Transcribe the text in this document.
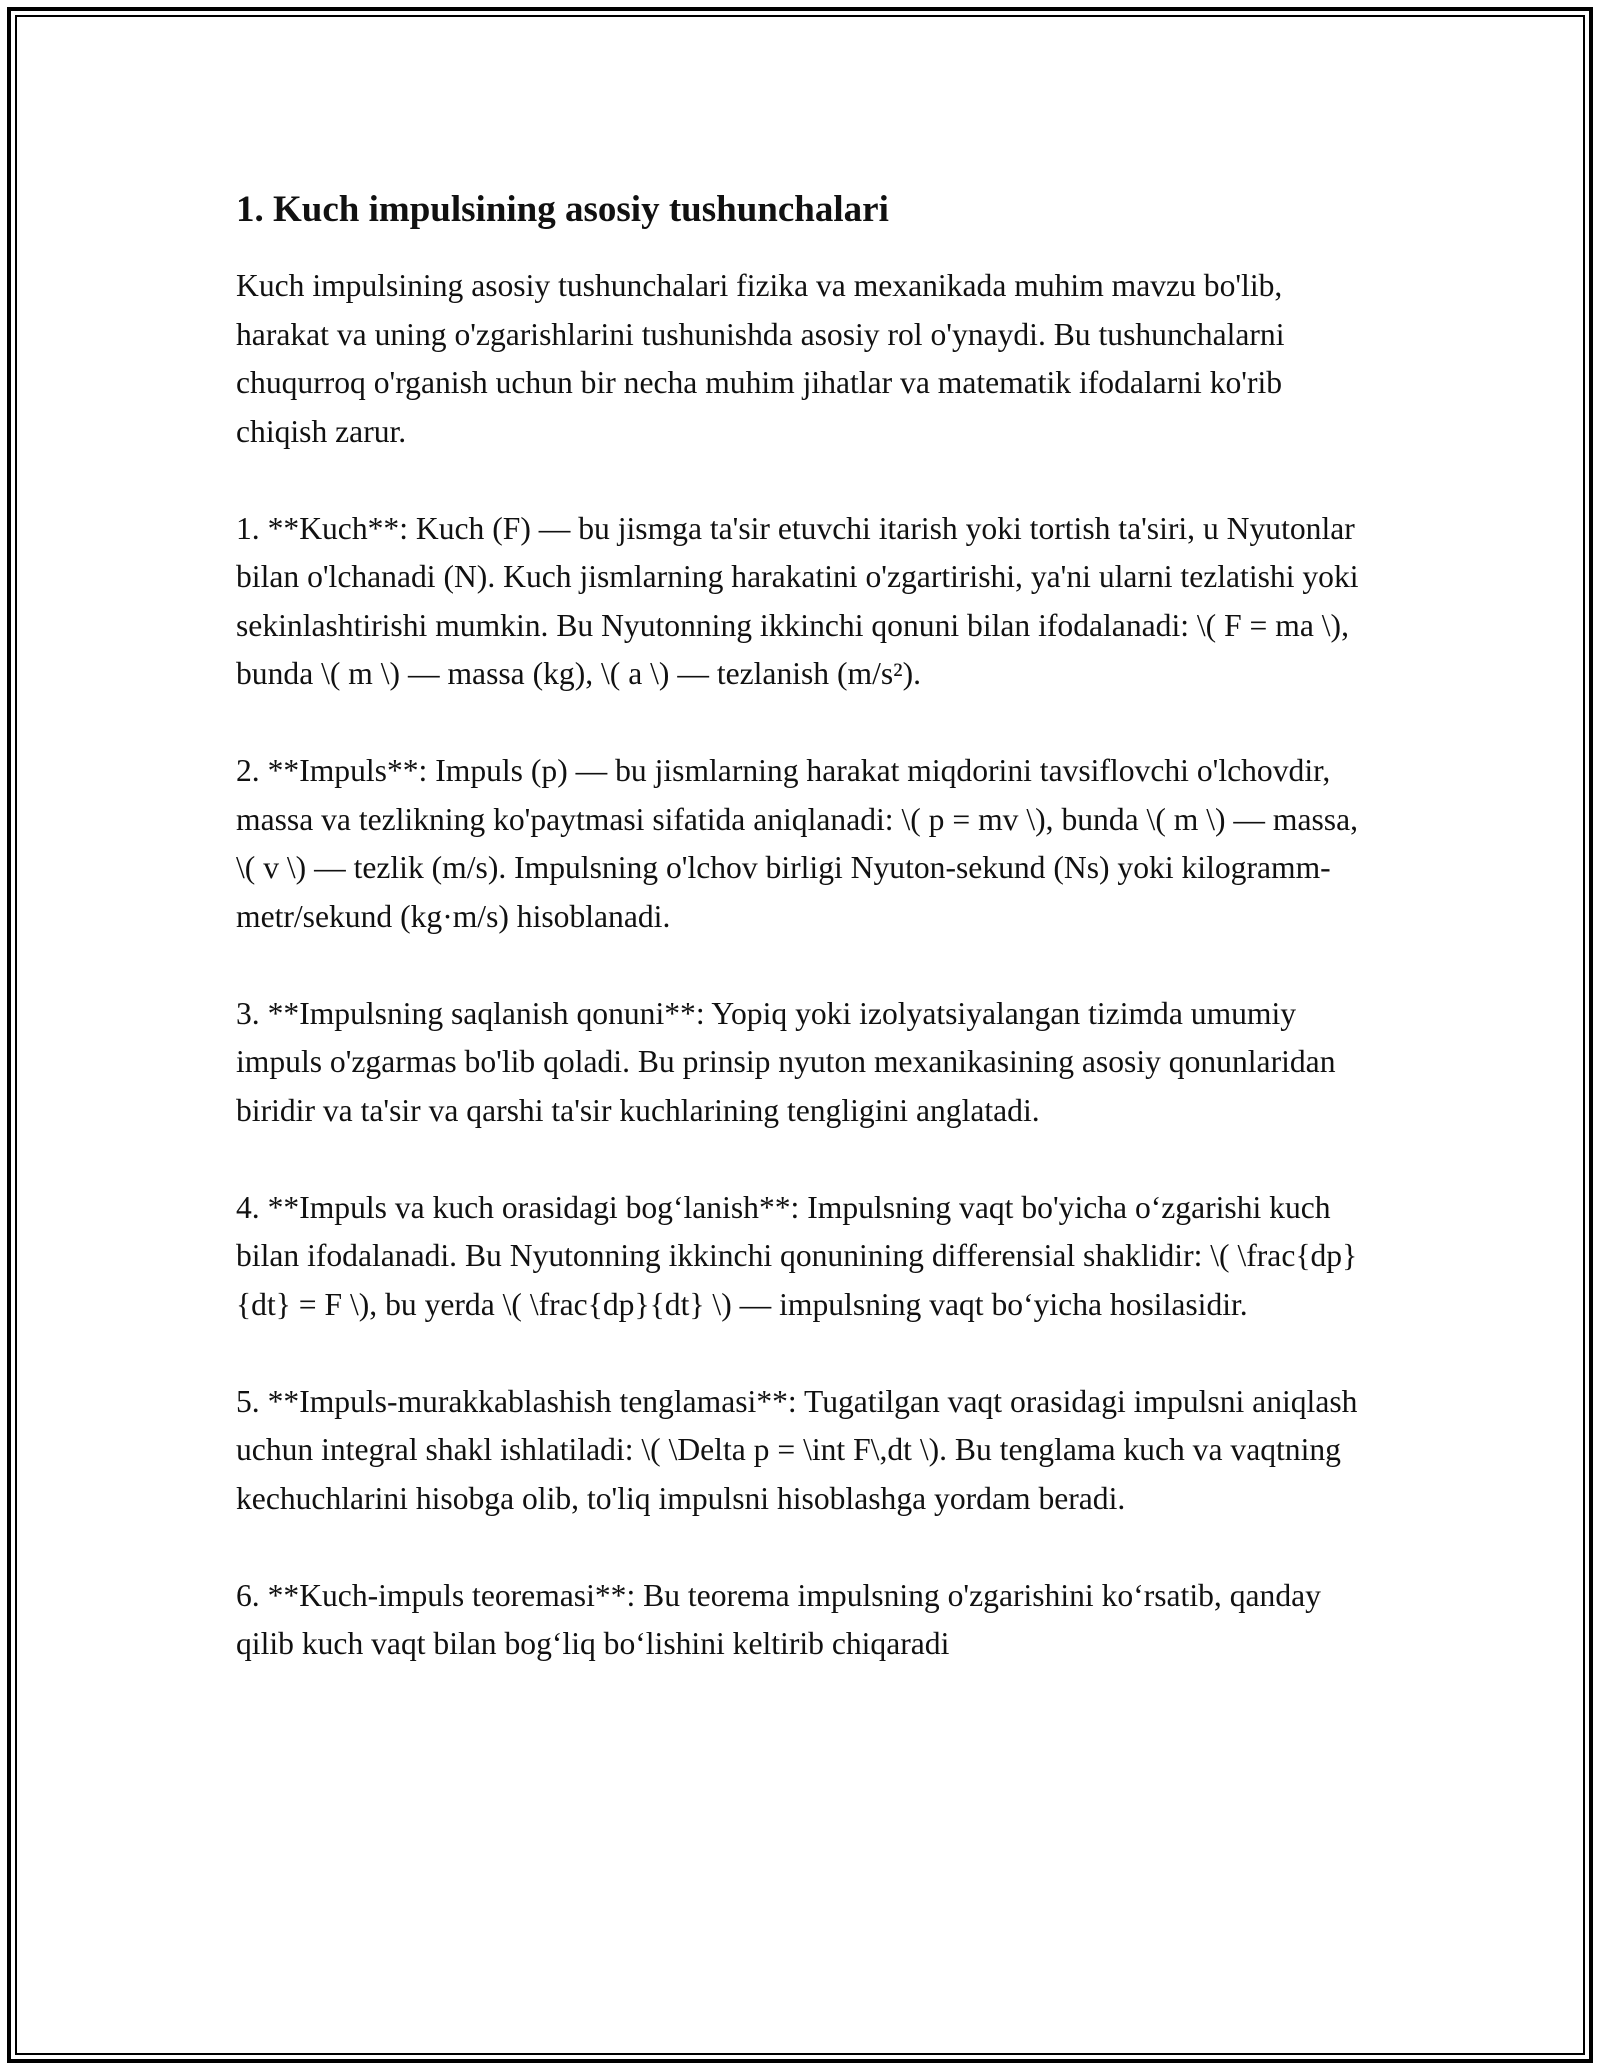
1. Kuch impulsining asosiy tushunchalari

Kuch impulsining asosiy tushunchalari fizika va mexanikada muhim mavzu bo'lib, harakat va uning o'zgarishlarini tushunishda asosiy rol o'ynaydi. Bu tushunchalarni chuqurroq o'rganish uchun bir necha muhim jihatlar va matematik ifodalarni ko'rib chiqish zarur.

1. **Kuch**: Kuch (F) — bu jismga ta'sir etuvchi itarish yoki tortish ta'siri, u Nyutonlar bilan o'lchanadi (N). Kuch jismlarning harakatini o'zgartirishi, ya'ni ularni tezlatishi yoki sekinlashtirishi mumkin. Bu Nyutonning ikkinchi qonuni bilan ifodalanadi: \( F = ma \), bunda \( m \) — massa (kg), \( a \) — tezlanish (m/s²).

2. **Impuls**: Impuls (p) — bu jismlarning harakat miqdorini tavsiflovchi o'lchovdir, massa va tezlikning ko'paytmasi sifatida aniqlanadi: \( p = mv \), bunda \( m \) — massa, \( v \) — tezlik (m/s). Impulsning o'lchov birligi Nyuton-sekund (Ns) yoki kilogramm-metr/sekund (kg·m/s) hisoblanadi.

3. **Impulsning saqlanish qonuni**: Yopiq yoki izolyatsiyalangan tizimda umumiy impuls o'zgarmas bo'lib qoladi. Bu prinsip nyuton mexanikasining asosiy qonunlaridan biridir va ta'sir va qarshi ta'sir kuchlarining tengligini anglatadi.

4. **Impuls va kuch orasidagi bog‘lanish**: Impulsning vaqt bo'yicha o‘zgarishi kuch bilan ifodalanadi. Bu Nyutonning ikkinchi qonunining differensial shaklidir: \( \frac{dp}{dt} = F \), bu yerda \( \frac{dp}{dt} \) — impulsning vaqt bo‘yicha hosilasidir.

5. **Impuls-murakkablashish tenglamasi**: Tugatilgan vaqt orasidagi impulsni aniqlash uchun integral shakl ishlatiladi: \( \Delta p = \int F\,dt \). Bu tenglama kuch va vaqtning kechuchlarini hisobga olib, to'liq impulsni hisoblashga yordam beradi.

6. **Kuch-impuls teoremasi**: Bu teorema impulsning o'zgarishini ko‘rsatib, qanday qilib kuch vaqt bilan bog‘liq bo‘lishini keltirib chiqaradi
